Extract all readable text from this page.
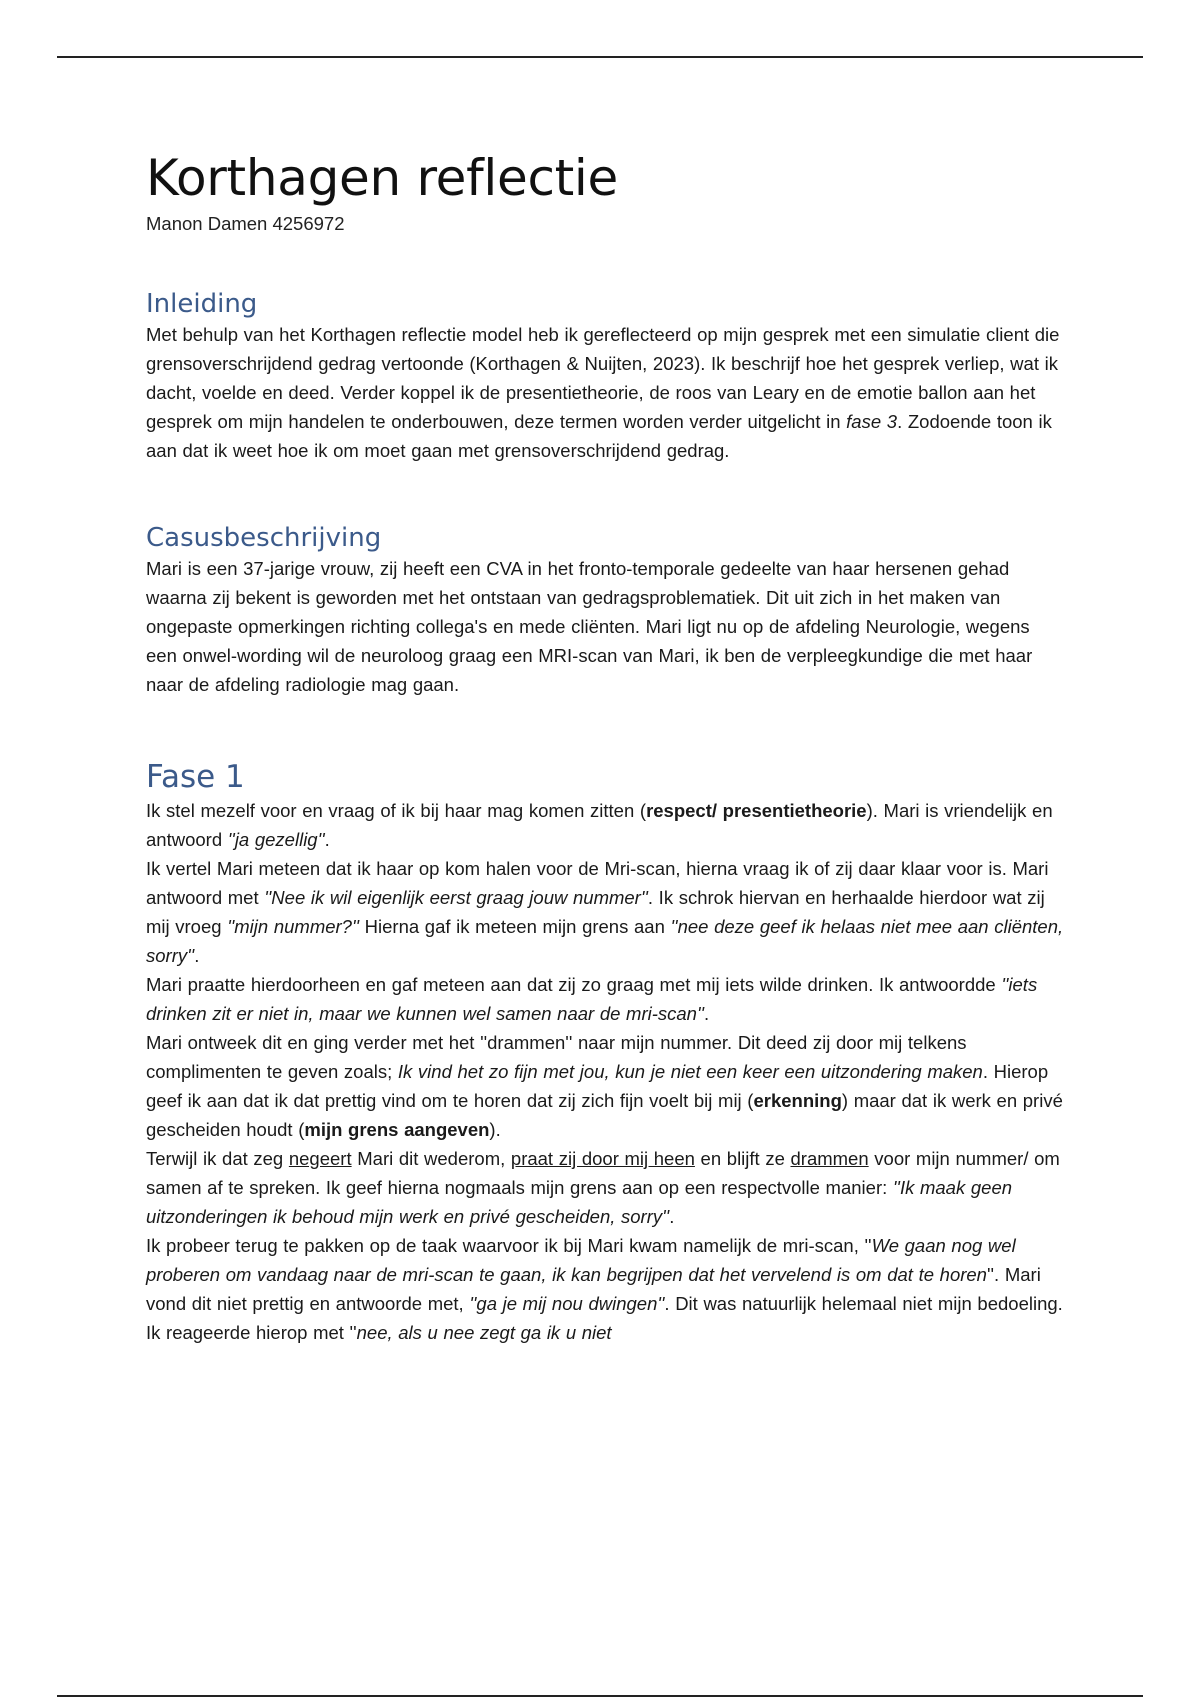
Korthagen reflectie

Manon Damen 4256972

Inleiding

Met behulp van het Korthagen reflectie model heb ik gereflecteerd op mijn gesprek met een simulatie client die grensoverschrijdend gedrag vertoonde (Korthagen & Nuijten, 2023). Ik beschrijf hoe het gesprek verliep, wat ik dacht, voelde en deed. Verder koppel ik de presentietheorie, de roos van Leary en de emotie ballon aan het gesprek om mijn handelen te onderbouwen, deze termen worden verder uitgelicht in fase 3. Zodoende toon ik aan dat ik weet hoe ik om moet gaan met grensoverschrijdend gedrag.

Casusbeschrijving

Mari is een 37-jarige vrouw, zij heeft een CVA in het fronto-temporale gedeelte van haar hersenen gehad waarna zij bekent is geworden met het ontstaan van gedragsproblematiek. Dit uit zich in het maken van ongepaste opmerkingen richting collega's en mede cliënten. Mari ligt nu op de afdeling Neurologie, wegens een onwel-wording wil de neuroloog graag een MRI-scan van Mari, ik ben de verpleegkundige die met haar naar de afdeling radiologie mag gaan.

Fase 1

Ik stel mezelf voor en vraag of ik bij haar mag komen zitten (respect/ presentietheorie). Mari is vriendelijk en antwoord ''ja gezellig''.

Ik vertel Mari meteen dat ik haar op kom halen voor de Mri-scan, hierna vraag ik of zij daar klaar voor is. Mari antwoord met ''Nee ik wil eigenlijk eerst graag jouw nummer''. Ik schrok hiervan en herhaalde hierdoor wat zij mij vroeg ''mijn nummer?'' Hierna gaf ik meteen mijn grens aan ''nee deze geef ik helaas niet mee aan cliënten, sorry''.

Mari praatte hierdoorheen en gaf meteen aan dat zij zo graag met mij iets wilde drinken. Ik antwoordde ''iets drinken zit er niet in, maar we kunnen wel samen naar de mri-scan''.

Mari ontweek dit en ging verder met het ''drammen'' naar mijn nummer. Dit deed zij door mij telkens complimenten te geven zoals; Ik vind het zo fijn met jou, kun je niet een keer een uitzondering maken. Hierop geef ik aan dat ik dat prettig vind om te horen dat zij zich fijn voelt bij mij (erkenning) maar dat ik werk en privé gescheiden houdt (mijn grens aangeven).

Terwijl ik dat zeg negeert Mari dit wederom, praat zij door mij heen en blijft ze drammen voor mijn nummer/ om samen af te spreken. Ik geef hierna nogmaals mijn grens aan op een respectvolle manier: ''Ik maak geen uitzonderingen ik behoud mijn werk en privé gescheiden, sorry''.

Ik probeer terug te pakken op de taak waarvoor ik bij Mari kwam namelijk de mri-scan, ''We gaan nog wel proberen om vandaag naar de mri-scan te gaan, ik kan begrijpen dat het vervelend is om dat te horen''. Mari vond dit niet prettig en antwoorde met, ''ga je mij nou dwingen''. Dit was natuurlijk helemaal niet mijn bedoeling. Ik reageerde hierop met ''nee, als u nee zegt ga ik u niet
